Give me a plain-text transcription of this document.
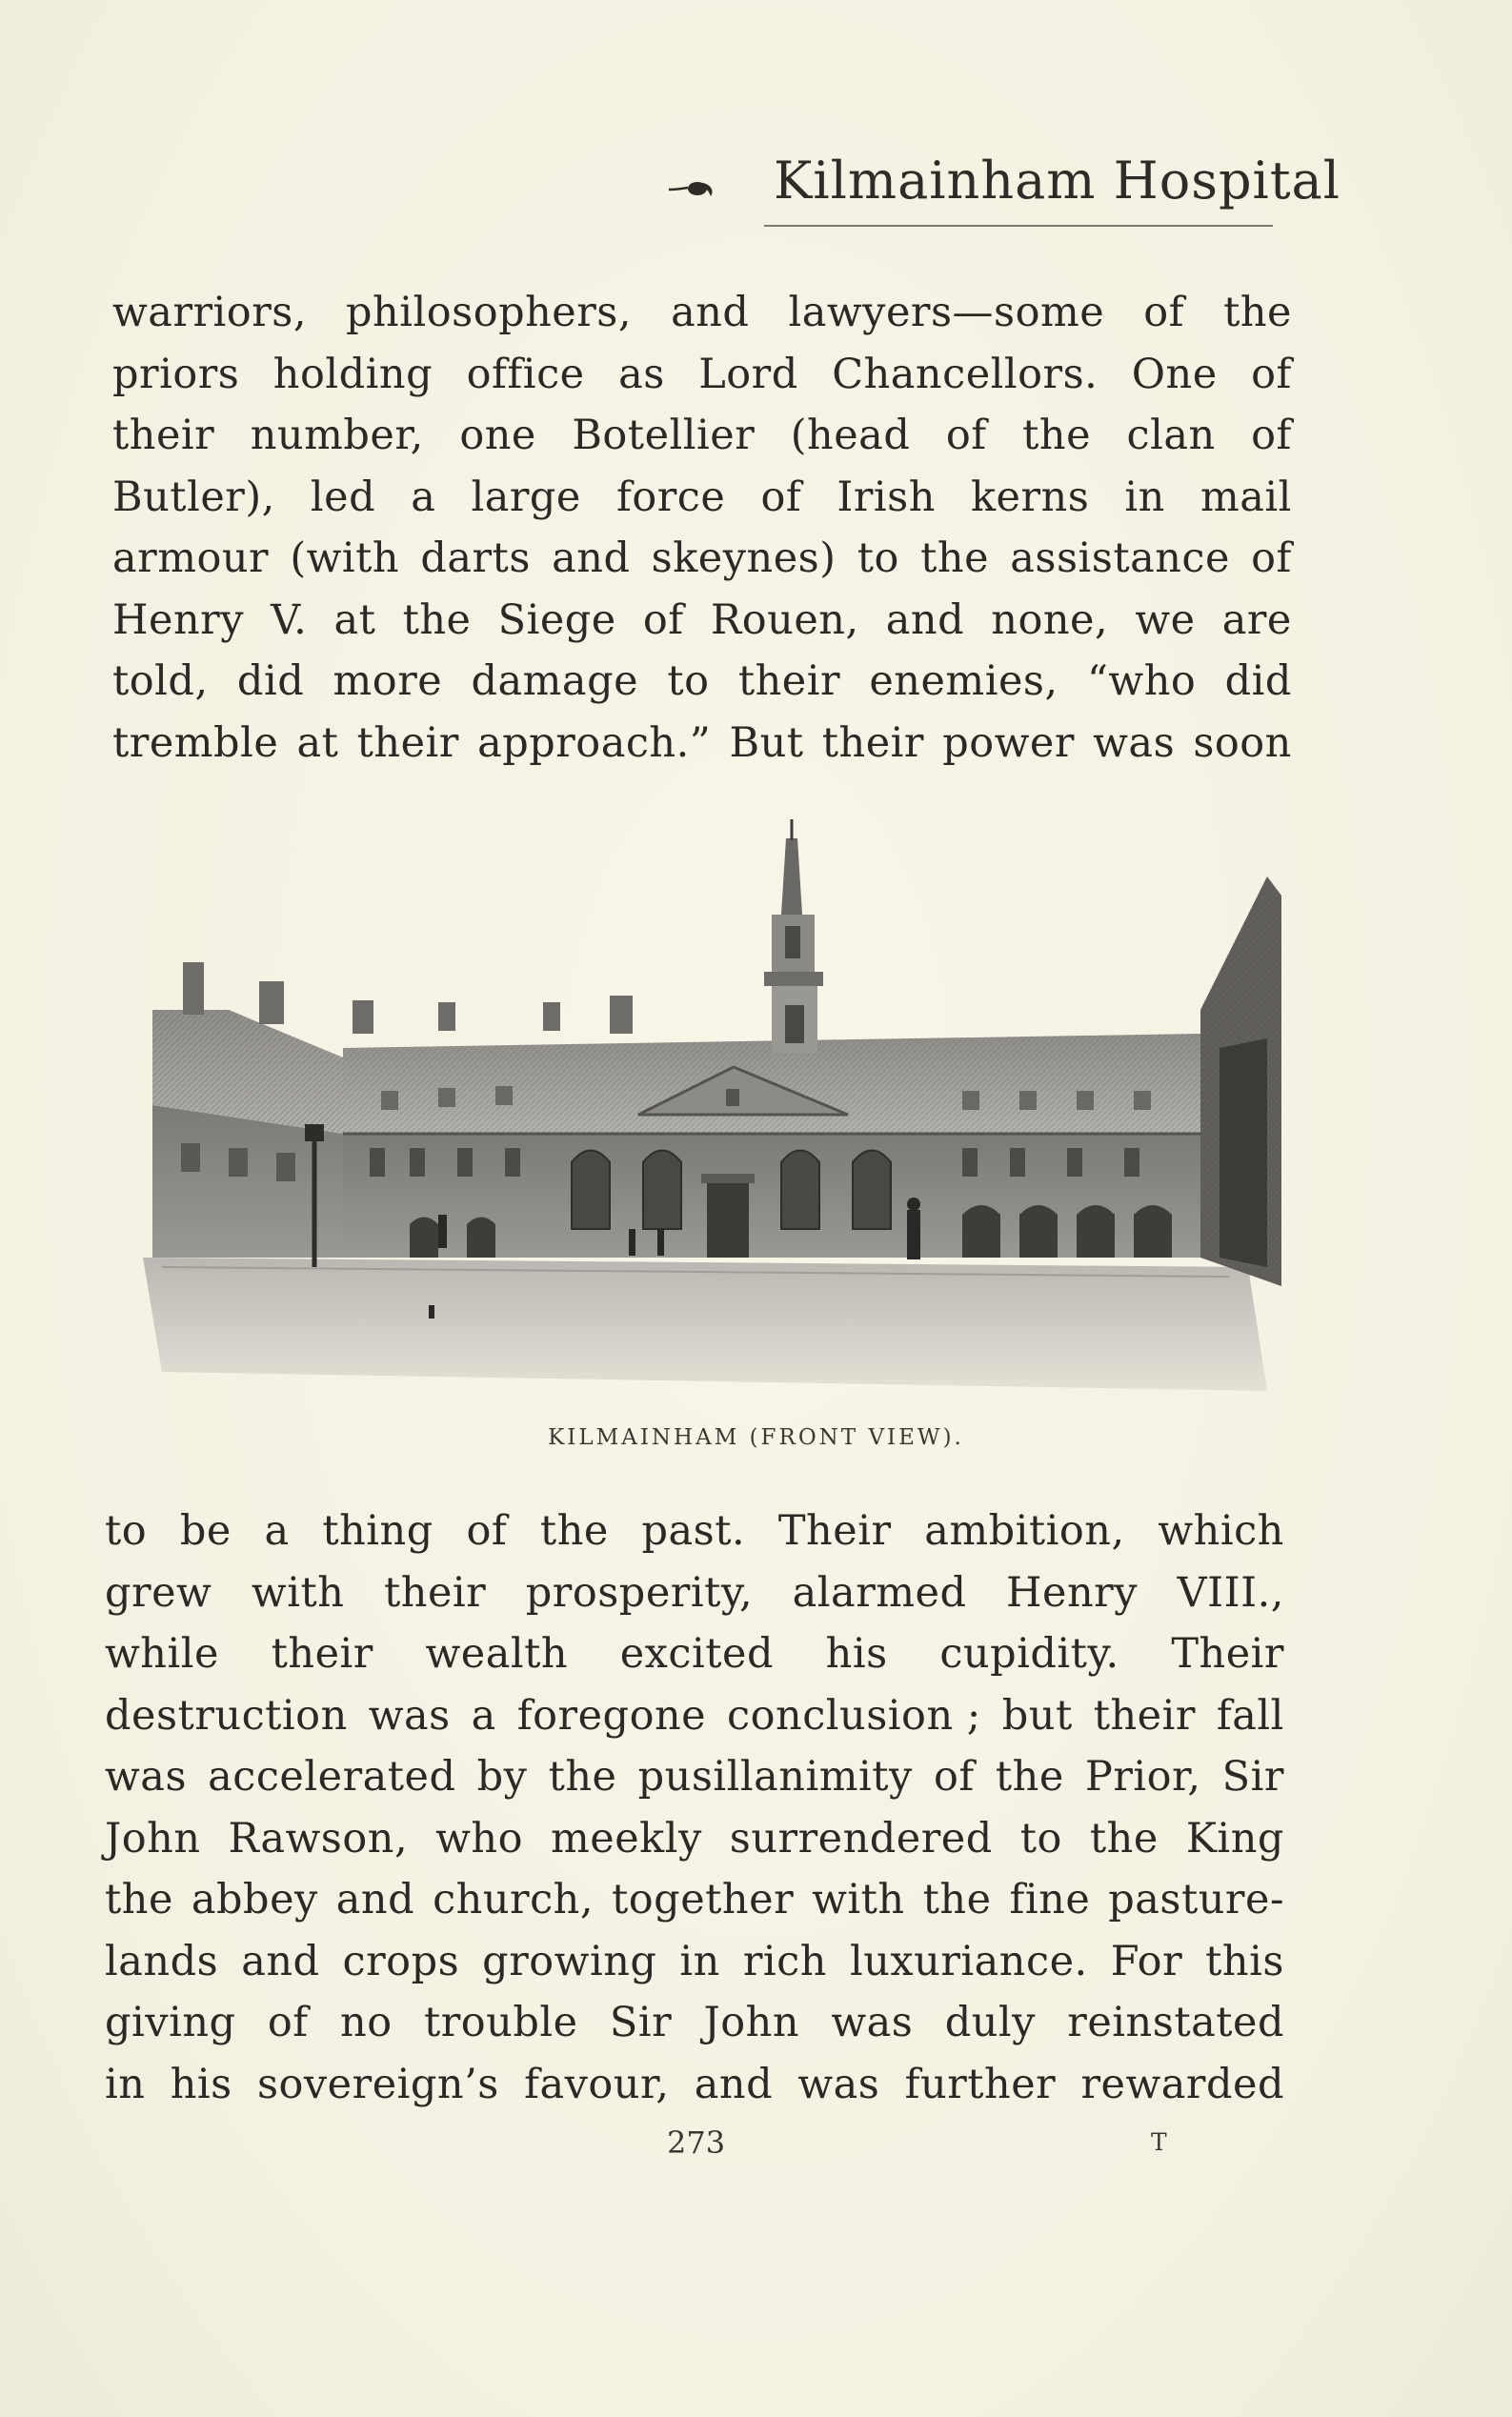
Kilmainham Hospital
warriors, philosophers, and lawyers—some of the
priors holding office as Lord Chancellors. One of
their number, one Botellier (head of the clan of
Butler), led a large force of Irish kerns in mail
armour (with darts and skeynes) to the assistance of
Henry V. at the Siege of Rouen, and none, we are
told, did more damage to their enemies, “who did
tremble at their approach.” But their power was soon
KILMAINHAM (FRONT VIEW).
to be a thing of the past. Their ambition, which
grew with their prosperity, alarmed Henry VIII.,
while their wealth excited his cupidity. Their
destruction was a foregone conclusion ; but their fall
was accelerated by the pusillanimity of the Prior, Sir
John Rawson, who meekly surrendered to the King
the abbey and church, together with the fine pasture-
lands and crops growing in rich luxuriance. For this
giving of no trouble Sir John was duly reinstated
in his sovereign’s favour, and was further rewarded
273	T
